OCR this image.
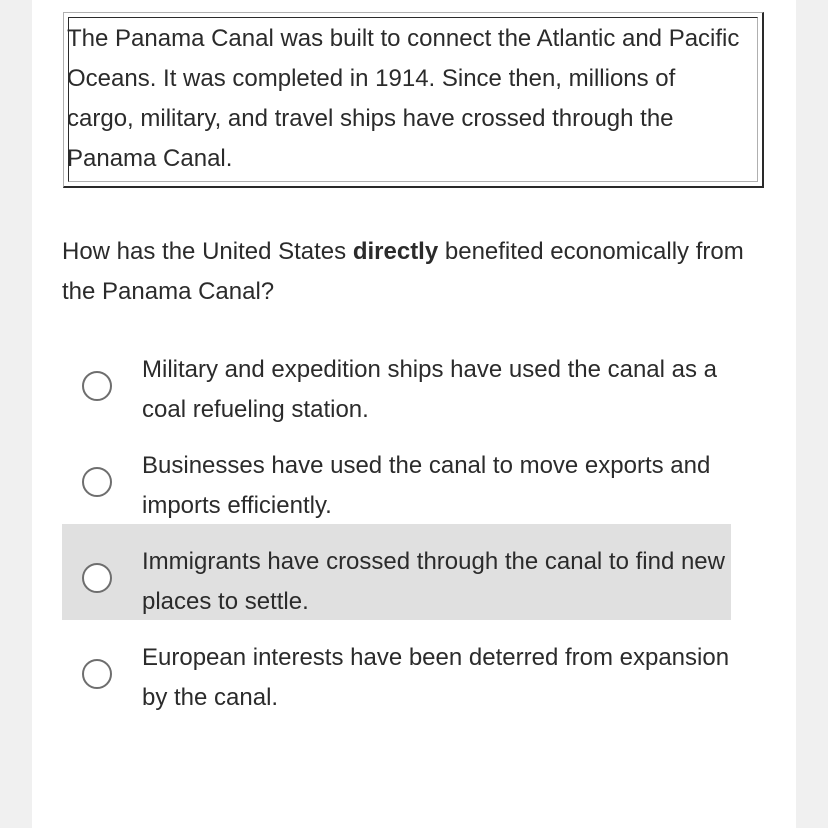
The Panama Canal was built to connect the Atlantic and Pacific Oceans. It was completed in 1914. Since then, millions of cargo, military, and travel ships have crossed through the Panama Canal.

How has the United States directly benefited economically from the Panama Canal?

Military and expedition ships have used the canal as a coal refueling station.

Businesses have used the canal to move exports and imports efficiently.

Immigrants have crossed through the canal to find new places to settle.

European interests have been deterred from expansion by the canal.
